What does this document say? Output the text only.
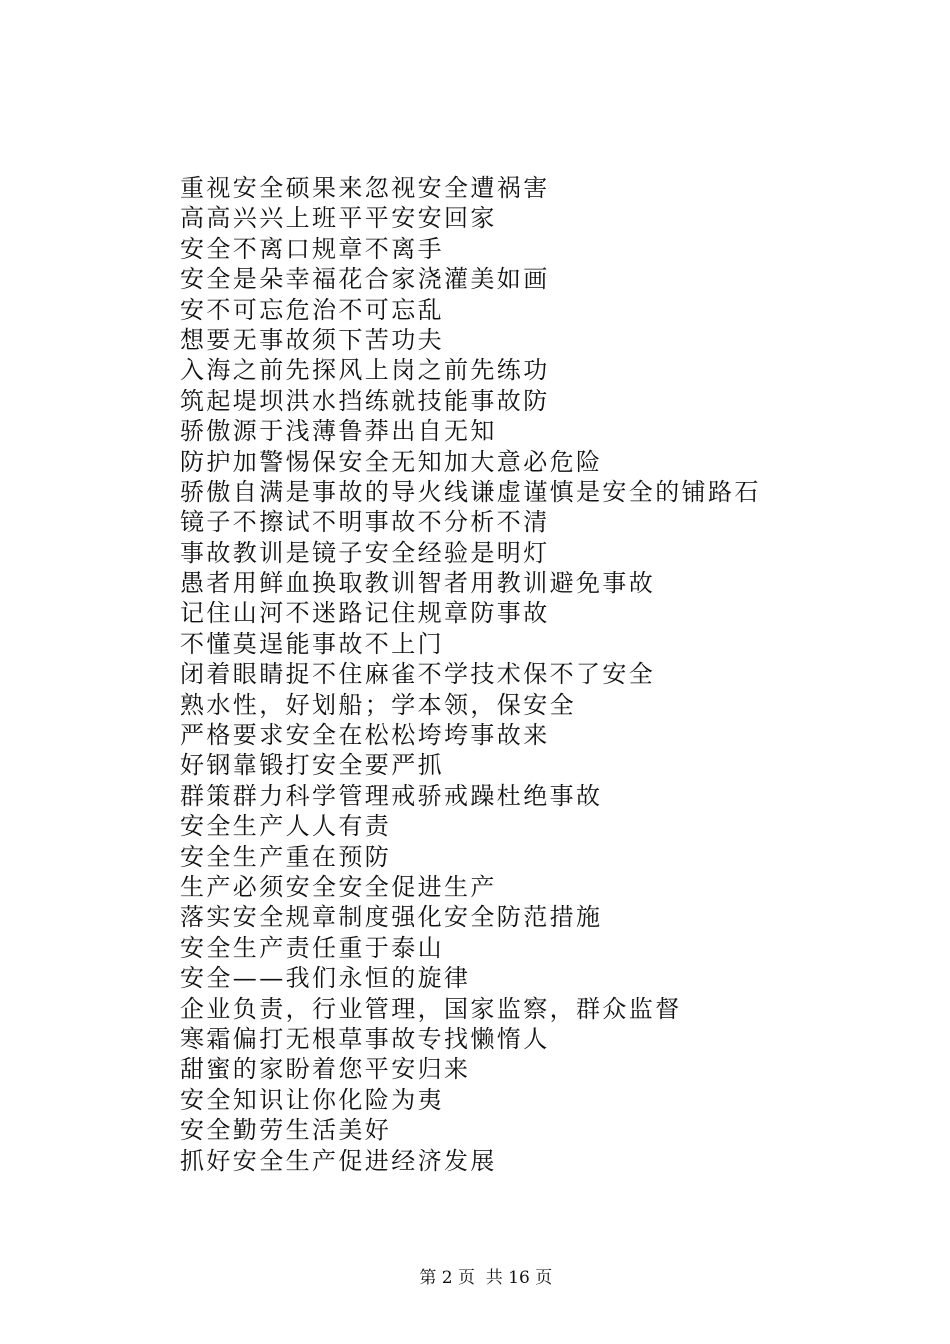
重视安全硕果来忽视安全遭祸害
高高兴兴上班平平安安回家
安全不离口规章不离手
安全是朵幸福花合家浇灌美如画
安不可忘危治不可忘乱
想要无事故须下苦功夫
入海之前先探风上岗之前先练功
筑起堤坝洪水挡练就技能事故防
骄傲源于浅薄鲁莽出自无知
防护加警惕保安全无知加大意必危险
骄傲自满是事故的导火线谦虚谨慎是安全的铺路石
镜子不擦试不明事故不分析不清
事故教训是镜子安全经验是明灯
愚者用鲜血换取教训智者用教训避免事故
记住山河不迷路记住规章防事故
不懂莫逞能事故不上门
闭着眼睛捉不住麻雀不学技术保不了安全
熟水性，好划船；学本领，保安全
严格要求安全在松松垮垮事故来
好钢靠锻打安全要严抓
群策群力科学管理戒骄戒躁杜绝事故
安全生产人人有责
安全生产重在预防
生产必须安全安全促进生产
落实安全规章制度强化安全防范措施
安全生产责任重于泰山
安全——我们永恒的旋律
企业负责，行业管理，国家监察，群众监督
寒霜偏打无根草事故专找懒惰人
甜蜜的家盼着您平安归来
安全知识让你化险为夷
安全勤劳生活美好
抓好安全生产促进经济发展

第 2 页  共 16 页
